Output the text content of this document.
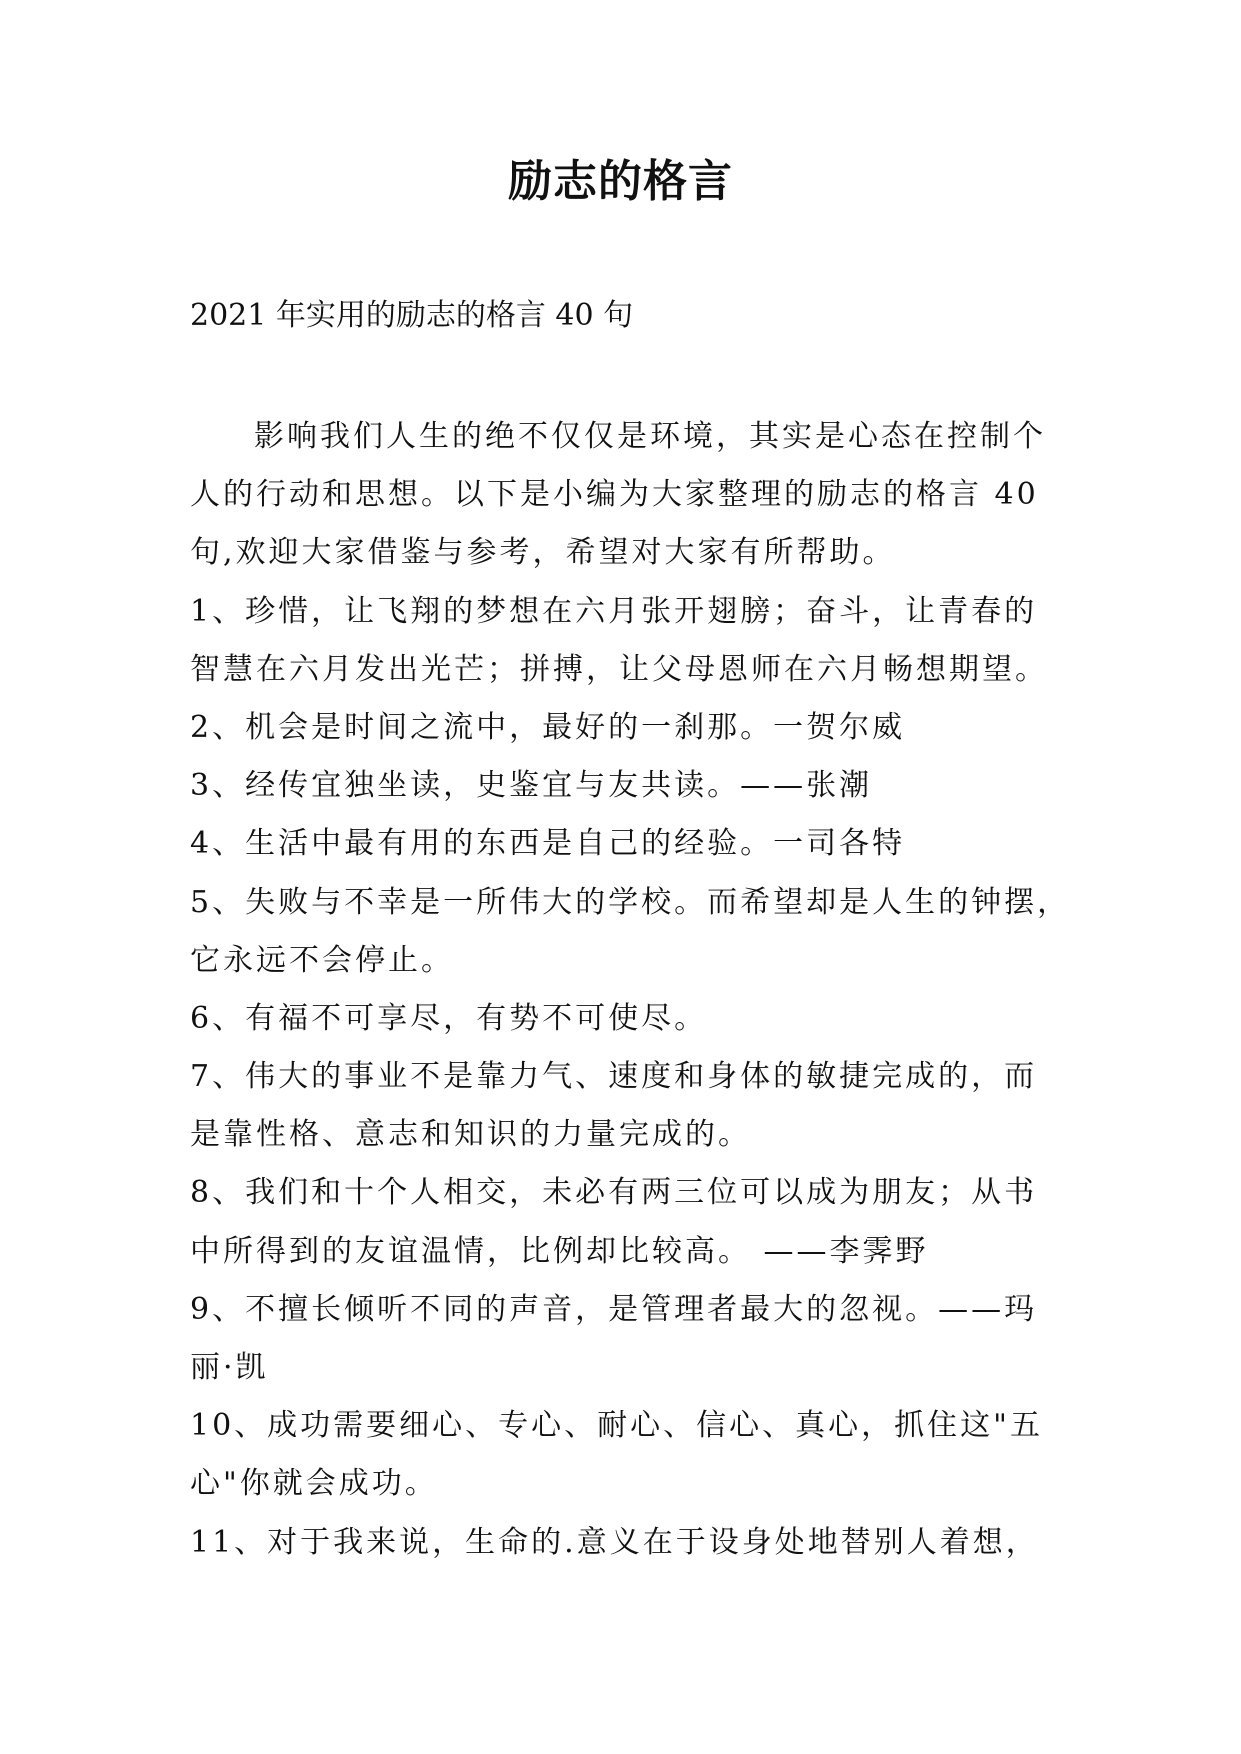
励志的格言

2021 年实用的励志的格言 40 句

影响我们人生的绝不仅仅是环境，其实是心态在控制个
人的行动和思想。以下是小编为大家整理的励志的格言 40
句,欢迎大家借鉴与参考，希望对大家有所帮助。
1、珍惜，让飞翔的梦想在六月张开翅膀；奋斗，让青春的
智慧在六月发出光芒；拼搏，让父母恩师在六月畅想期望。
2、机会是时间之流中，最好的一刹那。一贺尔威
3、经传宜独坐读，史鉴宜与友共读。——张潮
4、生活中最有用的东西是自己的经验。一司各特
5、失败与不幸是一所伟大的学校。而希望却是人生的钟摆，
它永远不会停止。
6、有福不可享尽，有势不可使尽。
7、伟大的事业不是靠力气、速度和身体的敏捷完成的，而
是靠性格、意志和知识的力量完成的。
8、我们和十个人相交，未必有两三位可以成为朋友；从书
中所得到的友谊温情，比例却比较高。 ——李霁野
9、不擅长倾听不同的声音，是管理者最大的忽视。——玛
丽·凯
10、成功需要细心、专心、耐心、信心、真心，抓住这"五
心"你就会成功。
11、对于我来说，生命的.意义在于设身处地替别人着想，
